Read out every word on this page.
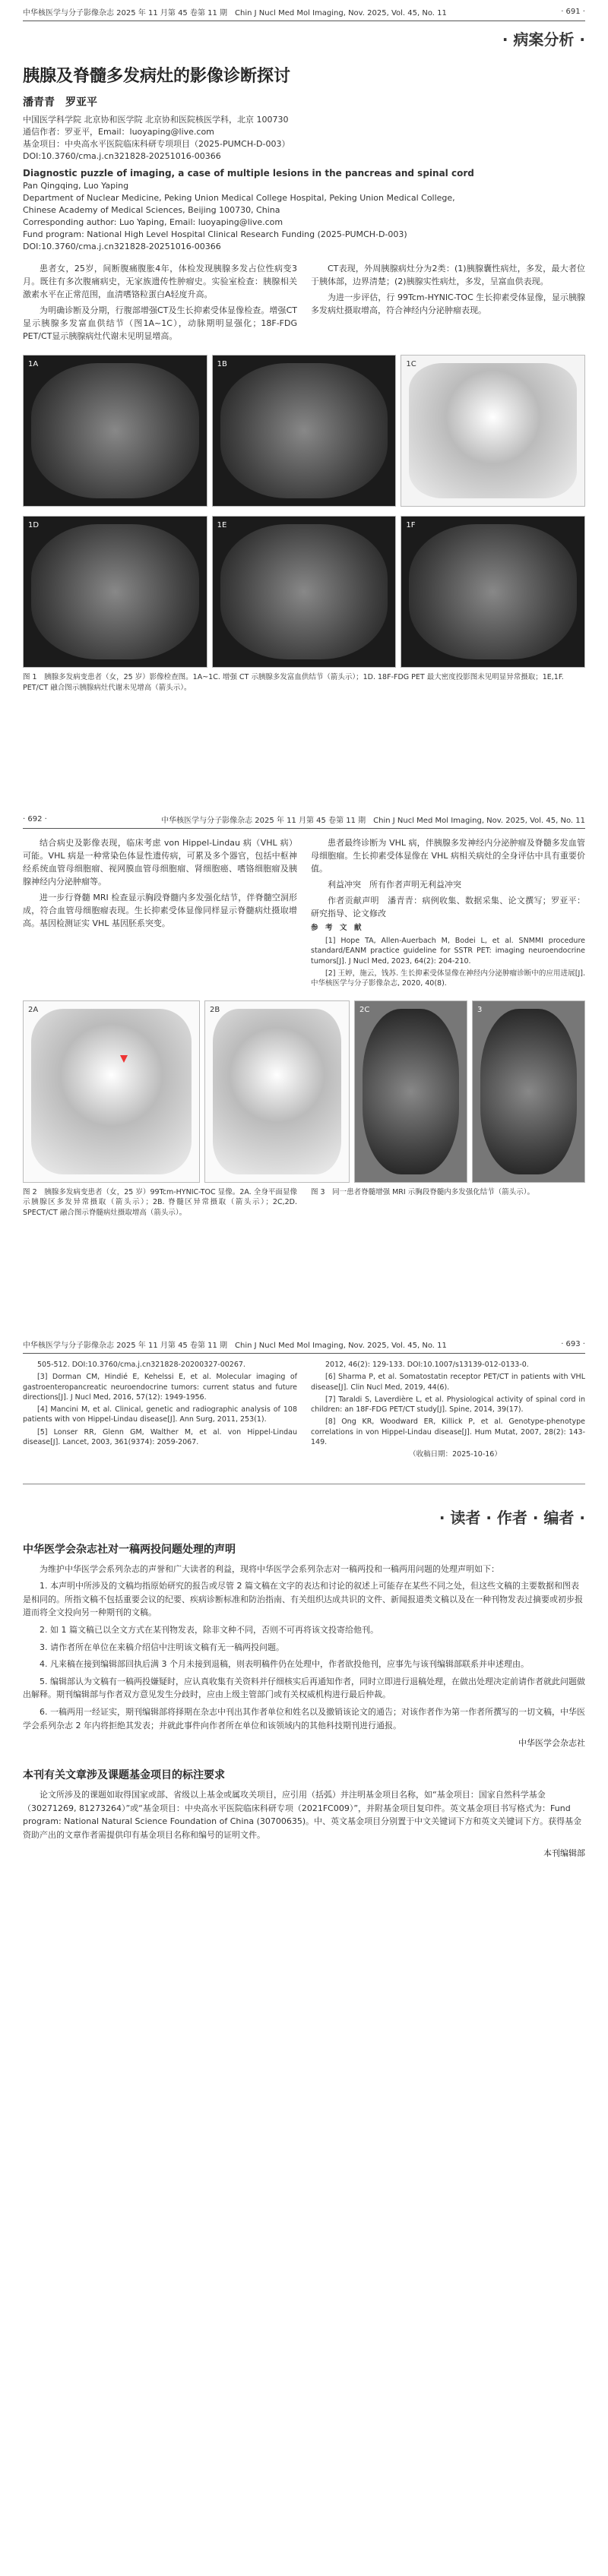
中华核医学与分子影像杂志 2025 年 11 月第 45 卷第 11 期　Chin J Nucl Med Mol Imaging, Nov. 2025, Vol. 45, No. 11	· 691 ·
· 病案分析 ·
胰腺及脊髓多发病灶的影像诊断探讨
潘青青　罗亚平
中国医学科学院 北京协和医学院 北京协和医院核医学科，北京 100730
通信作者：罗亚平，Email：luoyaping@live.com
基金项目：中央高水平医院临床科研专项项目（2025-PUMCH-D-003）
DOI:10.3760/cma.j.cn321828-20251016-00366
Diagnostic puzzle of imaging, a case of multiple lesions in the pancreas and spinal cord
Pan Qingqing, Luo Yaping
Department of Nuclear Medicine, Peking Union Medical College Hospital, Peking Union Medical College,
Chinese Academy of Medical Sciences, Beijing 100730, China
Corresponding author: Luo Yaping, Email: luoyaping@live.com
Fund program: National High Level Hospital Clinical Research Funding (2025-PUMCH-D-003)
DOI:10.3760/cma.j.cn321828-20251016-00366

患者女，25岁，间断腹痛腹胀4年，体检发现胰腺多发占位性病变3月。既往有多次腹痛病史，无家族遗传性肿瘤史。实验室检查：胰腺相关激素水平在正常范围，血清嗜铬粒蛋白A轻度升高。

为明确诊断及分期，行腹部增强CT及生长抑素受体显像检查。增强CT显示胰腺多发富血供结节（图1A~1C），动脉期明显强化；18F-FDG PET/CT显示胰腺病灶代谢未见明显增高。

CT表现，外周胰腺病灶分为2类：(1)胰腺囊性病灶，多发，最大者位于胰体部，边界清楚；(2)胰腺实性病灶，多发，呈富血供表现。

为进一步评估，行 99Tcm-HYNIC-TOC 生长抑素受体显像，显示胰腺多发病灶摄取增高，符合神经内分泌肿瘤表现。

1A	1B	1C
1D	1E	1F
图 1　胰腺多发病变患者（女，25 岁）影像检查图。1A~1C. 增强 CT 示胰腺多发富血供结节（箭头示）；1D. 18F-FDG PET 最大密度投影图未见明显异常摄取；1E,1F. PET/CT 融合图示胰腺病灶代谢未见增高（箭头示）。
· 692 ·	中华核医学与分子影像杂志 2025 年 11 月第 45 卷第 11 期　Chin J Nucl Med Mol Imaging, Nov. 2025, Vol. 45, No. 11

结合病史及影像表现，临床考虑 von Hippel-Lindau 病（VHL 病）可能。VHL 病是一种常染色体显性遗传病，可累及多个器官，包括中枢神经系统血管母细胞瘤、视网膜血管母细胞瘤、肾细胞癌、嗜铬细胞瘤及胰腺神经内分泌肿瘤等。

进一步行脊髓 MRI 检查显示胸段脊髓内多发强化结节，伴脊髓空洞形成，符合血管母细胞瘤表现。生长抑素受体显像同样显示脊髓病灶摄取增高。基因检测证实 VHL 基因胚系突变。

患者最终诊断为 VHL 病，伴胰腺多发神经内分泌肿瘤及脊髓多发血管母细胞瘤。生长抑素受体显像在 VHL 病相关病灶的全身评估中具有重要价值。

利益冲突　所有作者声明无利益冲突

作者贡献声明　潘青青：病例收集、数据采集、论文撰写；罗亚平：研究指导、论文修改

参　考　文　献

[1] Hope TA, Allen-Auerbach M, Bodei L, et al. SNMMI procedure standard/EANM practice guideline for SSTR PET: imaging neuroendocrine tumors[J]. J Nucl Med, 2023, 64(2): 204-210.

[2] 王婷，施云，钱苏. 生长抑素受体显像在神经内分泌肿瘤诊断中的应用进展[J]. 中华核医学与分子影像杂志, 2020, 40(8).

2A	2B	2C	3
图 2　胰腺多发病变患者（女，25 岁）99Tcm-HYNIC-TOC 显像。2A. 全身平面显像示胰腺区多发异常摄取（箭头示）；2B. 脊髓区异常摄取（箭头示）；2C,2D. SPECT/CT 融合图示脊髓病灶摄取增高（箭头示）。
图 3　同一患者脊髓增强 MRI 示胸段脊髓内多发强化结节（箭头示）。
中华核医学与分子影像杂志 2025 年 11 月第 45 卷第 11 期　Chin J Nucl Med Mol Imaging, Nov. 2025, Vol. 45, No. 11	· 693 ·

505-512. DOI:10.3760/cma.j.cn321828-20200327-00267.

[3] Dorman CM, Hindié E, Kehelssi E, et al. Molecular imaging of gastroenteropancreatic neuroendocrine tumors: current status and future directions[J]. J Nucl Med, 2016, 57(12): 1949-1956.

[4] Mancini M, et al. Clinical, genetic and radiographic analysis of 108 patients with von Hippel-Lindau disease[J]. Ann Surg, 2011, 253(1).

[5] Lonser RR, Glenn GM, Walther M, et al. von Hippel-Lindau disease[J]. Lancet, 2003, 361(9374): 2059-2067.

2012, 46(2): 129-133. DOI:10.1007/s13139-012-0133-0.

[6] Sharma P, et al. Somatostatin receptor PET/CT in patients with VHL disease[J]. Clin Nucl Med, 2019, 44(6).

[7] Taraldi S, Laverdière L, et al. Physiological activity of spinal cord in children: an 18F-FDG PET/CT study[J]. Spine, 2014, 39(17).

[8] Ong KR, Woodward ER, Killick P, et al. Genotype-phenotype correlations in von Hippel-Lindau disease[J]. Hum Mutat, 2007, 28(2): 143-149.

（收稿日期：2025-10-16）

· 读者 · 作者 · 编者 ·
中华医学会杂志社对一稿两投问题处理的声明

为维护中华医学会系列杂志的声誉和广大读者的利益，现将中华医学会系列杂志对一稿两投和一稿两用问题的处理声明如下：

1. 本声明中所涉及的文稿均指原始研究的报告或尽管 2 篇文稿在文字的表达和讨论的叙述上可能存在某些不同之处，但这些文稿的主要数据和图表是相同的。所指文稿不包括重要会议的纪要、疾病诊断标准和防治指南、有关组织达成共识的文件、新闻报道类文稿以及在一种刊物发表过摘要或初步报道而将全文投向另一种期刊的文稿。

2. 如 1 篇文稿已以全文方式在某刊物发表，除非文种不同，否则不可再将该文投寄给他刊。

3. 请作者所在单位在来稿介绍信中注明该文稿有无一稿两投问题。

4. 凡来稿在接到编辑部回执后满 3 个月未接到退稿，则表明稿件仍在处理中，作者欲投他刊，应事先与该刊编辑部联系并申述理由。

5. 编辑部认为文稿有一稿两投嫌疑时，应认真收集有关资料并仔细核实后再通知作者，同时立即进行退稿处理，在做出处理决定前请作者就此问题做出解释。期刊编辑部与作者双方意见发生分歧时，应由上级主管部门或有关权威机构进行最后仲裁。

6. 一稿两用一经证实，期刊编辑部将择期在杂志中刊出其作者单位和姓名以及撤销该论文的通告；对该作者作为第一作者所撰写的一切文稿，中华医学会系列杂志 2 年内将拒绝其发表；并就此事件向作者所在单位和该领域内的其他科技期刊进行通报。

中华医学会杂志社
本刊有关文章涉及课题基金项目的标注要求

论文所涉及的课题如取得国家或部、省级以上基金或属攻关项目，应引用（括弧）并注明基金项目名称，如“基金项目：国家自然科学基金（30271269, 81273264）”或“基金项目：中央高水平医院临床科研专项（2021FC009）”，并附基金项目复印件。英文基金项目书写格式为：Fund program: National Natural Science Foundation of China (30700635)。中、英文基金项目分别置于中文关键词下方和英文关键词下方。获得基金资助产出的文章作者需提供印有基金项目名称和编号的证明文件。

本刊编辑部
